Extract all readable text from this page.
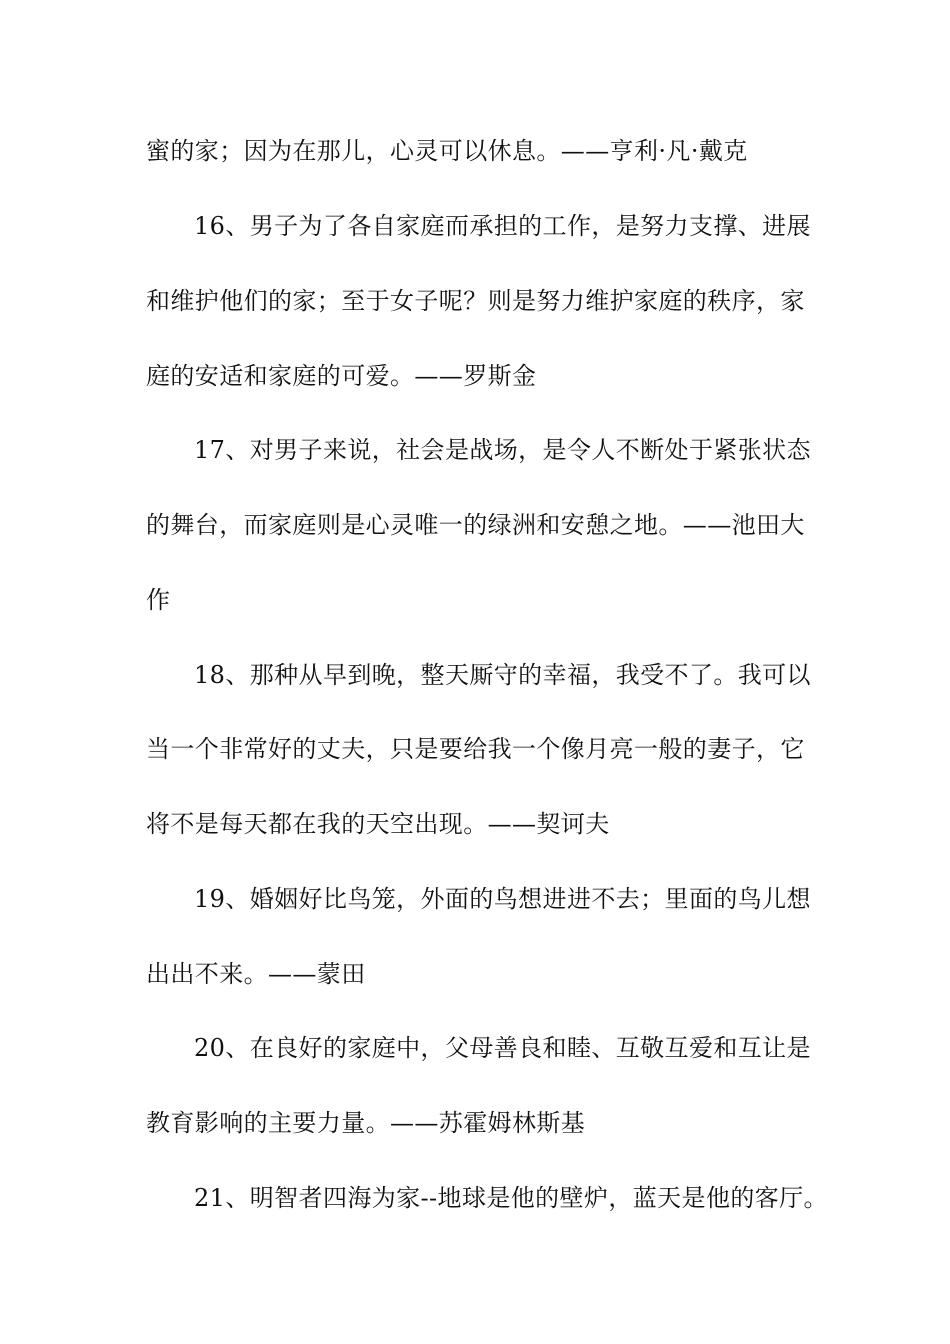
蜜的家；因为在那儿，心灵可以休息。——亨利·凡·戴克
16、男子为了各自家庭而承担的工作，是努力支撑、进展
和维护他们的家；至于女子呢？则是努力维护家庭的秩序，家
庭的安适和家庭的可爱。——罗斯金
17、对男子来说，社会是战场，是令人不断处于紧张状态
的舞台，而家庭则是心灵唯一的绿洲和安憩之地。——池田大
作
18、那种从早到晚，整天厮守的幸福，我受不了。我可以
当一个非常好的丈夫，只是要给我一个像月亮一般的妻子，它
将不是每天都在我的天空出现。——契诃夫
19、婚姻好比鸟笼，外面的鸟想进进不去；里面的鸟儿想
出出不来。——蒙田
20、在良好的家庭中，父母善良和睦、互敬互爱和互让是
教育影响的主要力量。——苏霍姆林斯基
21、明智者四海为家--地球是他的壁炉，蓝天是他的客厅。
